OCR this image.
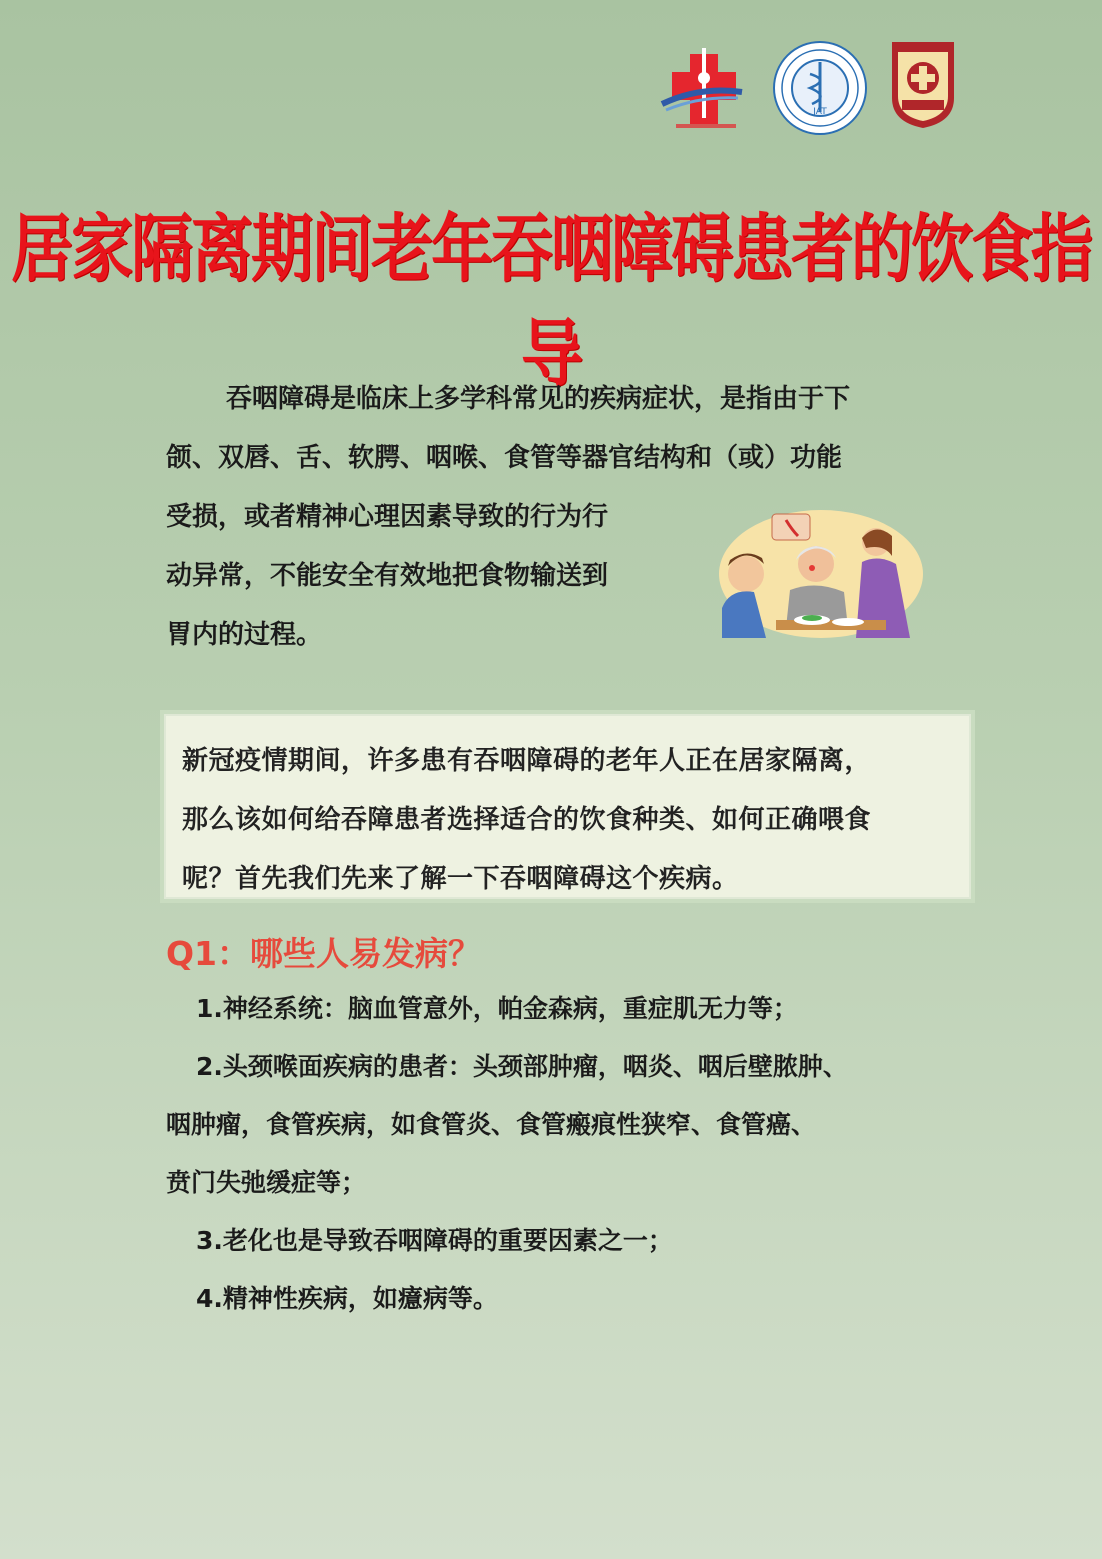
JAT
居家隔离期间老年吞咽障碍患者的饮食指导
吞咽障碍是临床上多学科常见的疾病症状，是指由于下
颌、双唇、舌、软腭、咽喉、食管等器官结构和（或）功能
受损，或者精神心理因素导致的行为行
动异常，不能安全有效地把食物输送到
胃内的过程。

新冠疫情期间，许多患有吞咽障碍的老年人正在居家隔离，
那么该如何给吞障患者选择适合的饮食种类、如何正确喂食
呢？首先我们先来了解一下吞咽障碍这个疾病。

Q1：哪些人易发病？
1.神经系统：脑血管意外，帕金森病，重症肌无力等；
2.头颈喉面疾病的患者：头颈部肿瘤，咽炎、咽后壁脓肿、
咽肿瘤，食管疾病，如食管炎、食管瘢痕性狭窄、食管癌、
贲门失弛缓症等；
3.老化也是导致吞咽障碍的重要因素之一；
4.精神性疾病，如癔病等。
